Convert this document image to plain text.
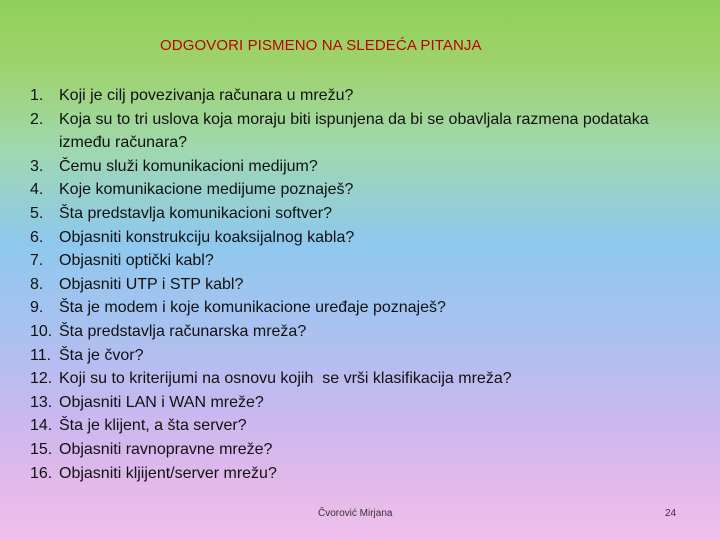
ODGOVORI PISMENO NA SLEDEĆA PITANJA
1. Koji je cilj povezivanja računara u mrežu?
2. Koja su to tri uslova koja moraju biti ispunjena da bi se obavljala razmena podataka između računara?
3. Čemu služi komunikacioni medijum?
4. Koje komunikacione medijume poznaješ?
5. Šta predstavlja komunikacioni softver?
6. Objasniti konstrukciju koaksijalnog kabla?
7. Objasniti optički kabl?
8. Objasniti UTP i STP kabl?
9. Šta je modem i koje komunikacione uređaje poznaješ?
10. Šta predstavlja računarska mreža?
11. Šta je čvor?
12. Koji su to kriterijumi na osnovu kojih  se vrši klasifikacija mreža?
13. Objasniti LAN i WAN mreže?
14. Šta je klijent, a šta server?
15. Objasniti ravnopravne mreže?
16. Objasniti kljijent/server mrežu?
Čvorović Mirjana	24
